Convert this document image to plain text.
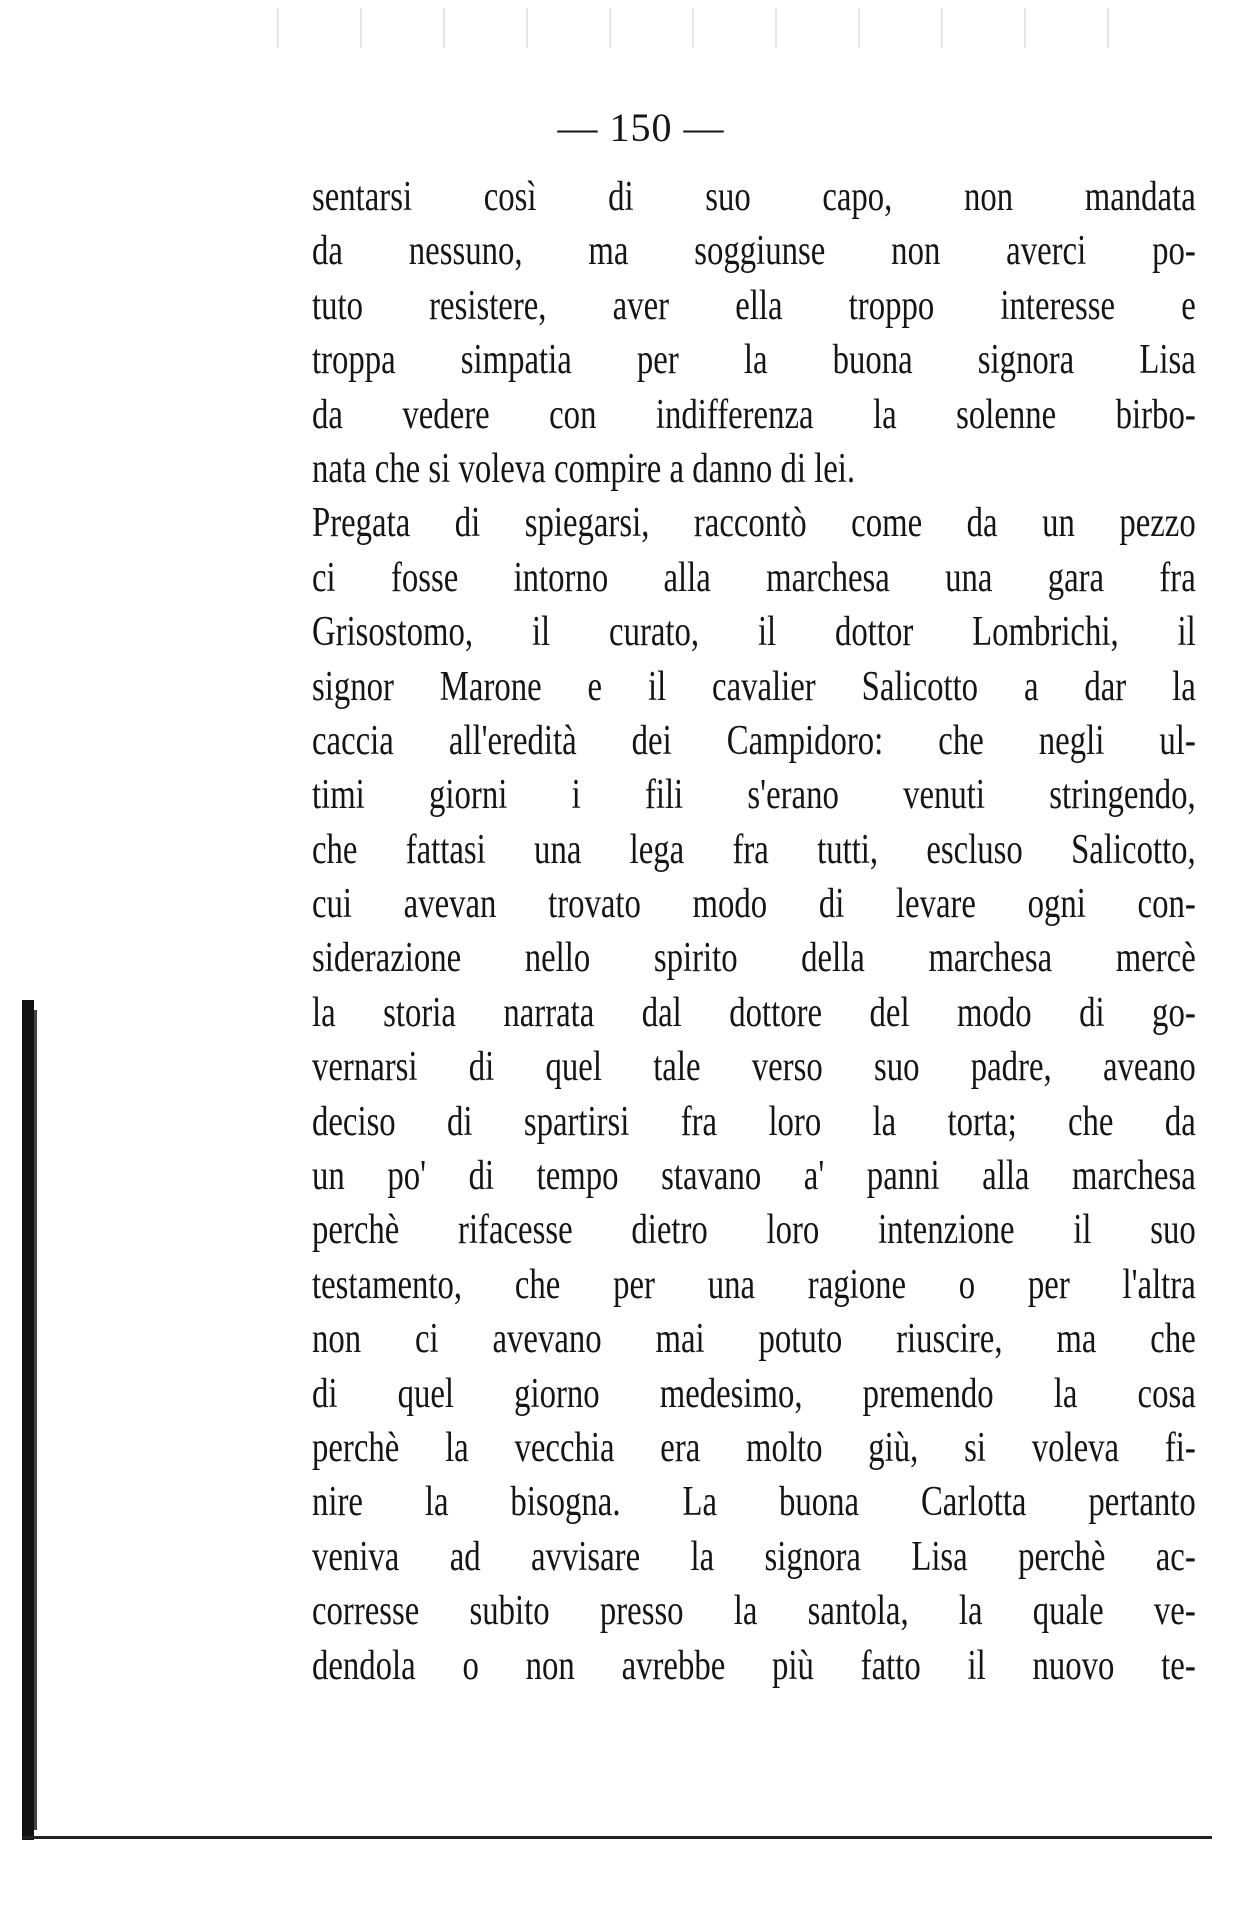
— 150 —
sentarsi così di suo capo, non mandata
da nessuno, ma soggiunse non averci po-
tuto resistere, aver ella troppo interesse e
troppa simpatia per la buona signora Lisa
da vedere con indifferenza la solenne birbo-
nata che si voleva compire a danno di lei.
Pregata di spiegarsi, raccontò come da un pezzo
ci fosse intorno alla marchesa una gara fra
Grisostomo, il curato, il dottor Lombrichi, il
signor Marone e il cavalier Salicotto a dar la
caccia all'eredità dei Campidoro: che negli ul-
timi giorni i fili s'erano venuti stringendo,
che fattasi una lega fra tutti, escluso Salicotto,
cui avevan trovato modo di levare ogni con-
siderazione nello spirito della marchesa mercè
la storia narrata dal dottore del modo di go-
vernarsi di quel tale verso suo padre, aveano
deciso di spartirsi fra loro la torta; che da
un po' di tempo stavano a' panni alla marchesa
perchè rifacesse dietro loro intenzione il suo
testamento, che per una ragione o per l'altra
non ci avevano mai potuto riuscire, ma che
di quel giorno medesimo, premendo la cosa
perchè la vecchia era molto giù, si voleva fi-
nire la bisogna. La buona Carlotta pertanto
veniva ad avvisare la signora Lisa perchè ac-
corresse subito presso la santola, la quale ve-
dendola o non avrebbe più fatto il nuovo te-
